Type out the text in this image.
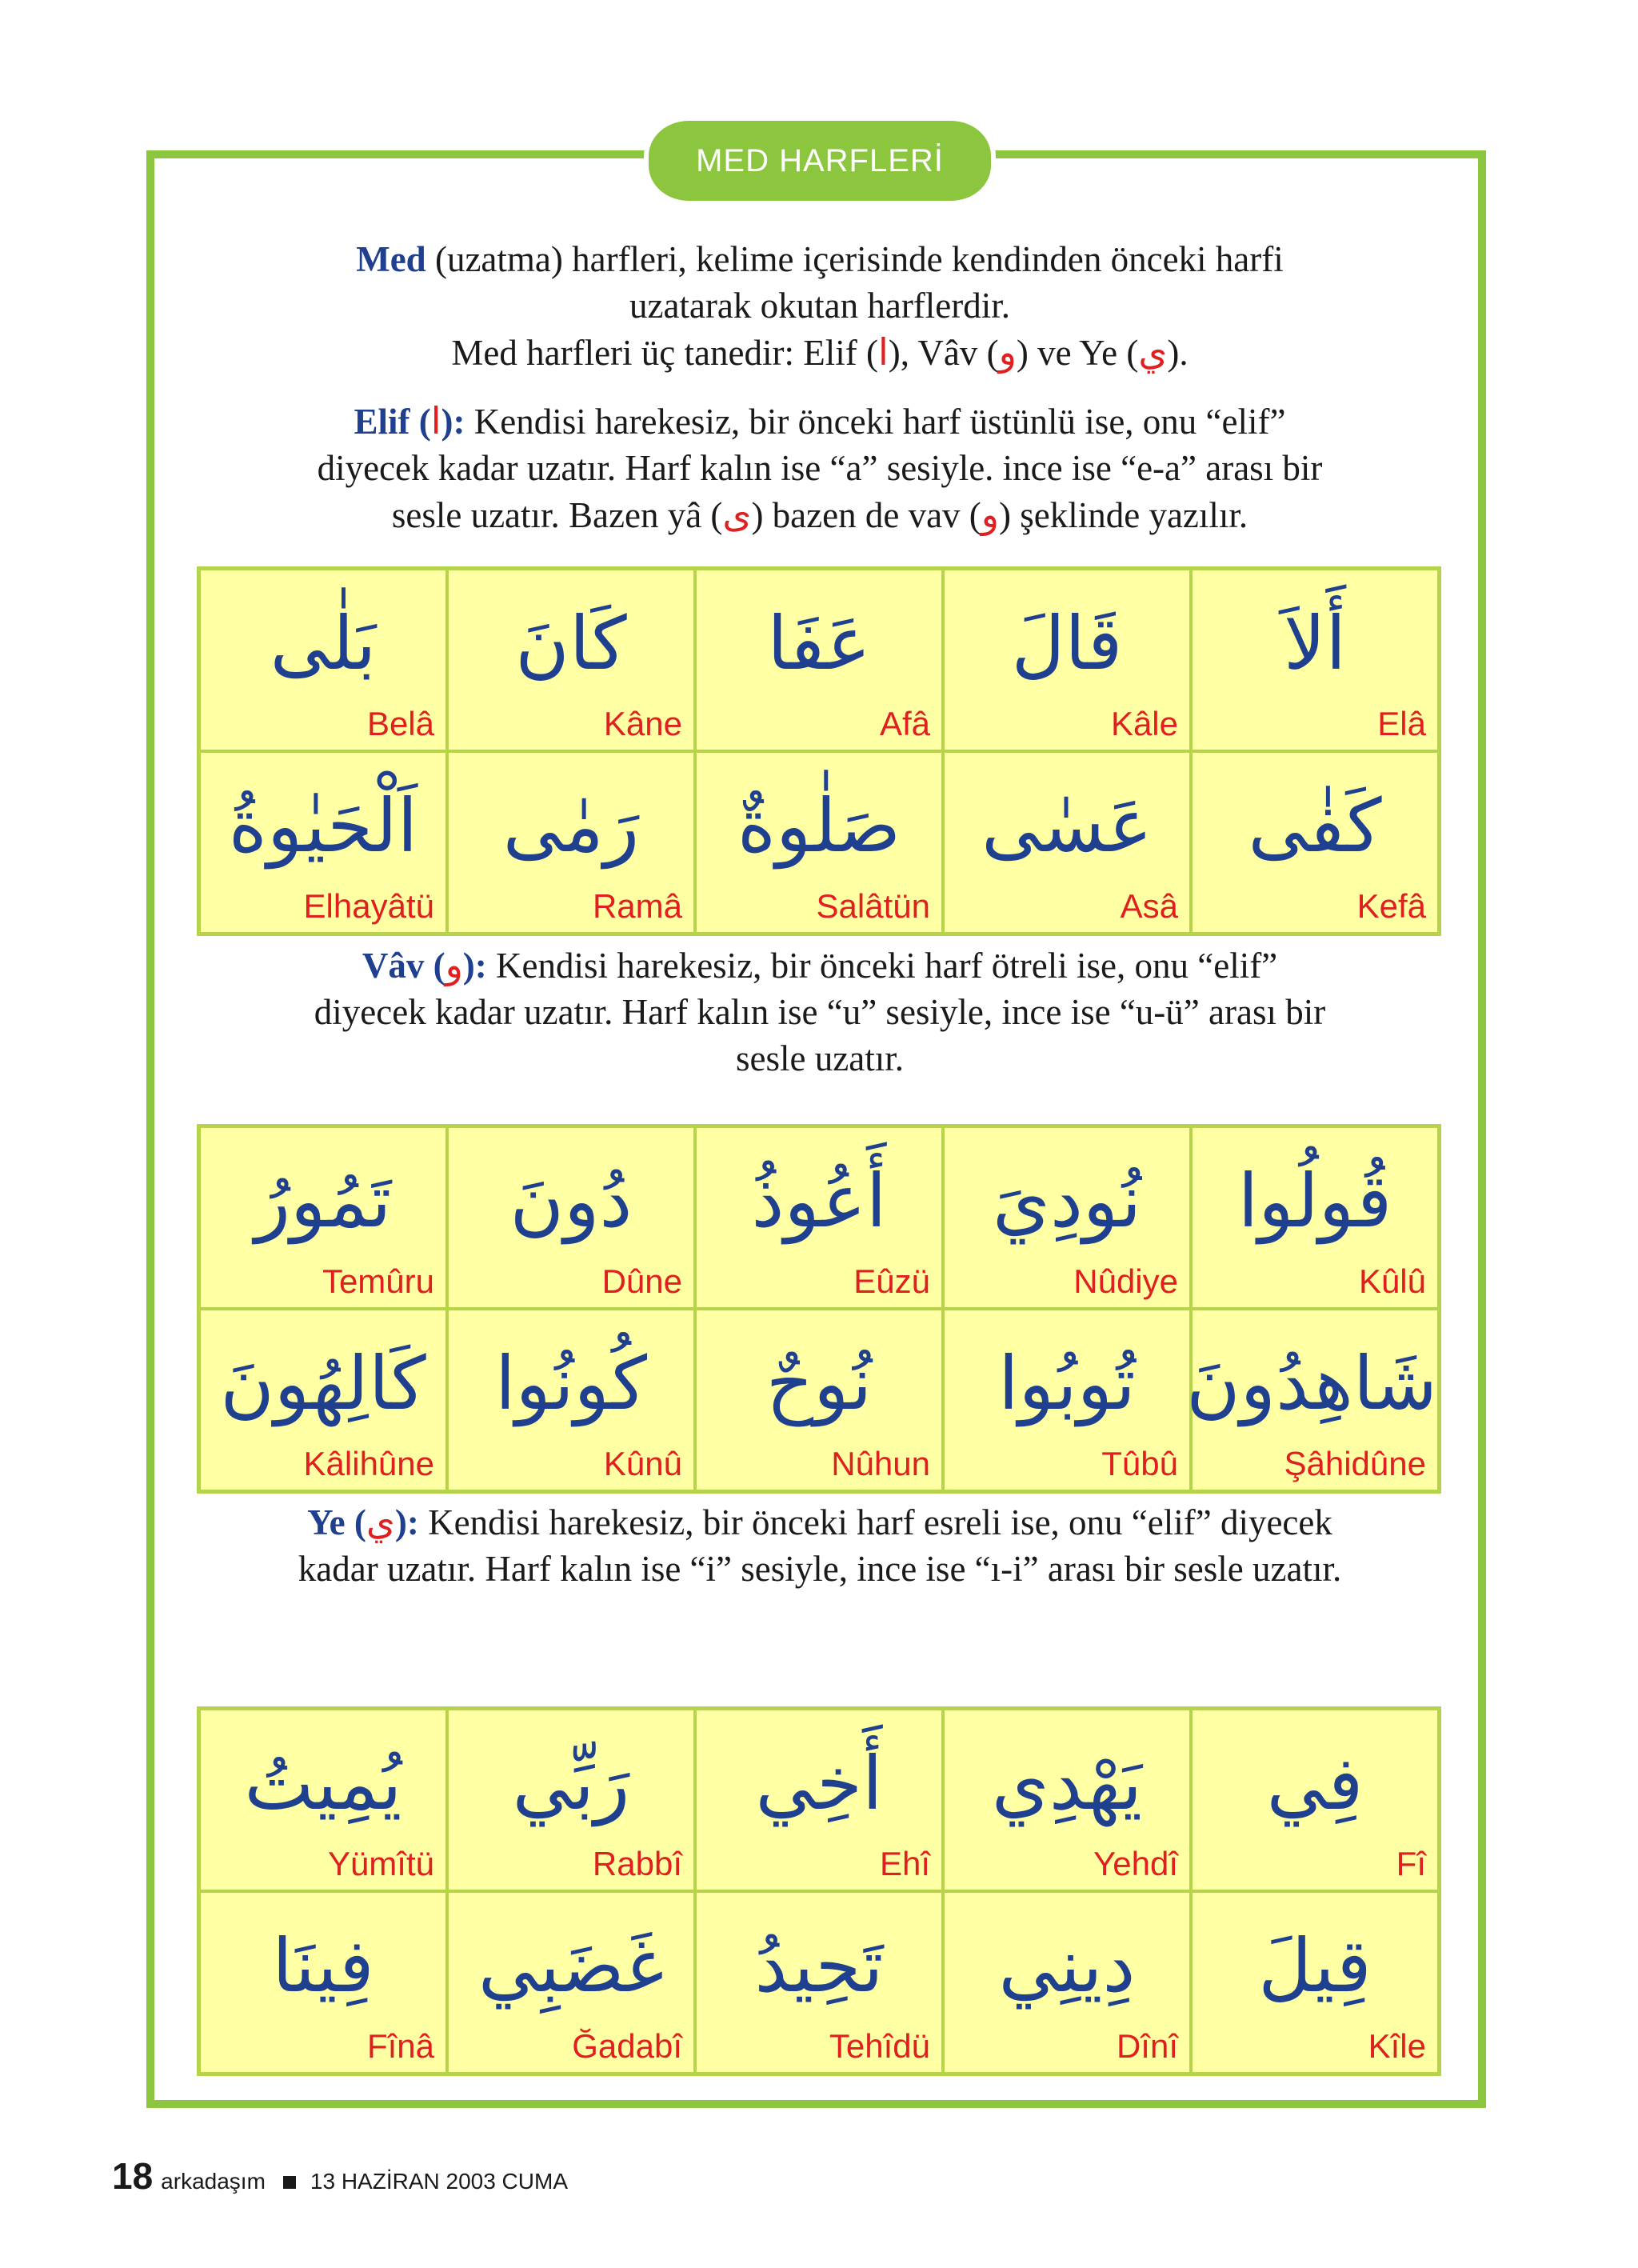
MED HARFLERİ
Med (uzatma) harfleri, kelime içerisinde kendinden önceki harfi
uzatarak okutan harflerdir.
Med harfleri üç tanedir: Elif (ا), Vâv (و) ve Ye (ي).
Elif (ا): Kendisi harekesiz, bir önceki harf üstünlü ise, onu “elif”
diyecek kadar uzatır. Harf kalın ise “a” sesiyle. ince ise “e-a” arası bir
sesle uzatır. Bazen yâ (ى) bazen de vav (و) şeklinde yazılır.
بَلٰى
Belâ
كَانَ
Kâne
عَفَا
Afâ
قَالَ
Kâle
أَلاَ
Elâ
اَلْحَيٰوةُ
Elhayâtü
رَمٰى
Ramâ
صَلٰوةٌ
Salâtün
عَسٰى
Asâ
كَفٰى
Kefâ
Vâv (و): Kendisi harekesiz, bir önceki harf ötreli ise, onu “elif”
diyecek kadar uzatır. Harf kalın ise “u” sesiyle, ince ise “u-ü” arası bir
sesle uzatır.
تَمُورُ
Temûru
دُونَ
Dûne
أَعُوذُ
Eûzü
نُودِيَ
Nûdiye
قُولُوا
Kûlû
كَالِهُونَ
Kâlihûne
كُونُوا
Kûnû
نُوحٌ
Nûhun
تُوبُوا
Tûbû
شَاهِدُونَ
Şâhidûne
Ye (ي): Kendisi harekesiz, bir önceki harf esreli ise, onu “elif” diyecek
kadar uzatır. Harf kalın ise “i” sesiyle, ince ise “ı-i” arası bir sesle uzatır.
يُمِيتُ
Yümîtü
رَبِّي
Rabbî
أَخِي
Ehî
يَهْدِي
Yehdî
فِي
Fî
فِينَا
Fînâ
غَضَبِي
Ğadabî
تَحِيدُ
Tehîdü
دِينِي
Dînî
قِيلَ
Kîle
18 arkadaşım 13 HAZİRAN 2003 CUMA
